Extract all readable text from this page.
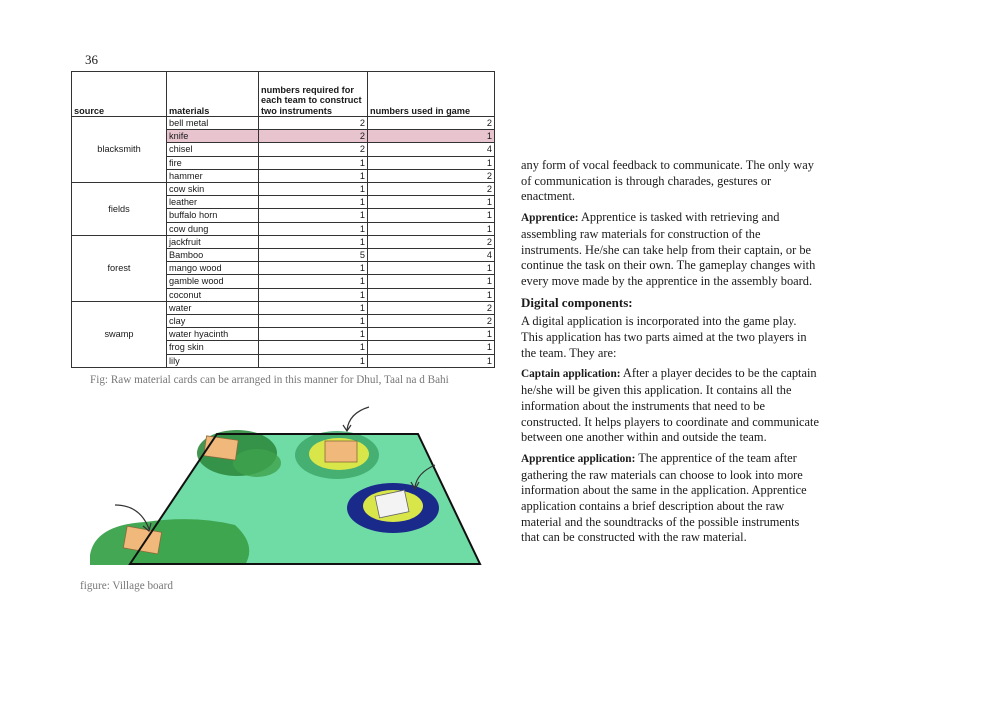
36
source	materials	numbers required for each team to construct two instruments	numbers used in game
blacksmith	bell metal	2	2
	knife	2	1
	chisel	2	4
	fire	1	1
	hammer	1	2
fields	cow skin	1	2
	leather	1	1
	buffalo horn	1	1
	cow dung	1	1
forest	jackfruit	1	2
	Bamboo	5	4
	mango wood	1	1
	gamble wood	1	1
	coconut	1	1
swamp	water	1	2
	clay	1	2
	water hyacinth	1	1
	frog skin	1	1
	lily	1	1
Fig: Raw material cards can be arranged in this manner for Dhul, Taal na d Bahi
figure: Village board

any form of vocal feedback to communicate. The only way of communication is through charades, gestures or enactment.

Apprentice: Apprentice is tasked with retrieving and assembling raw materials for construction of the instruments. He/she can take help from their captain, or be continue the task on their own. The gameplay changes with every move made by the apprentice in the assembly board.

Digital components:

A digital application is incorporated into the game play. This application has two parts aimed at the two players in the team. They are:

Captain application: After a player decides to be the captain he/she will be given this application. It contains all the information about the instruments that need to be constructed. It helps players to coordinate and communicate between one another within and outside the team.

Apprentice application: The apprentice of the team after gathering the raw materials can choose to look into more information about the same in the application. Apprentice application contains a brief description about the raw material and the soundtracks of the possible instruments that can be constructed with the raw material.
